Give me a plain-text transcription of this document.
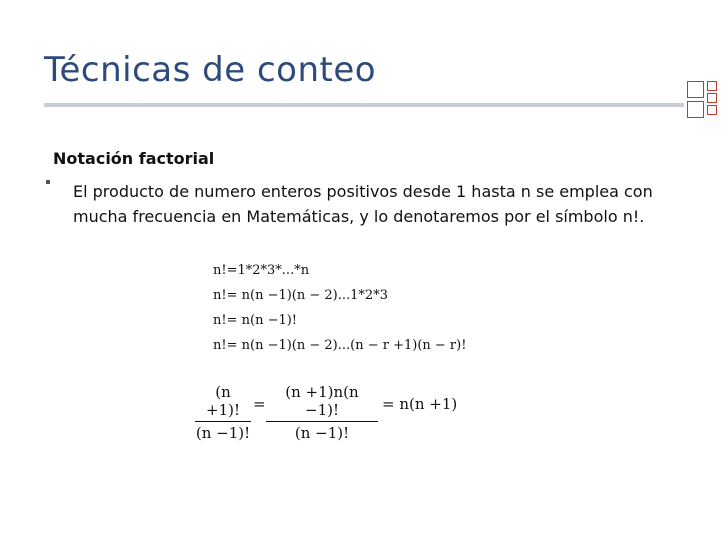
Técnicas de conteo
Notación factorial
El producto de numero enteros positivos desde 1 hasta n se emplea con mucha frecuencia en Matemáticas, y lo denotaremos por el símbolo n!.
n!=1*2*3*...*n
n!= n(n −1)(n − 2)...1*2*3
n!= n(n −1)!
n!= n(n −1)(n − 2)...(n − r +1)(n − r)!
(n +1)!
(n −1)!
=
(n +1)n(n −1)!
(n −1)!
= n(n +1)
